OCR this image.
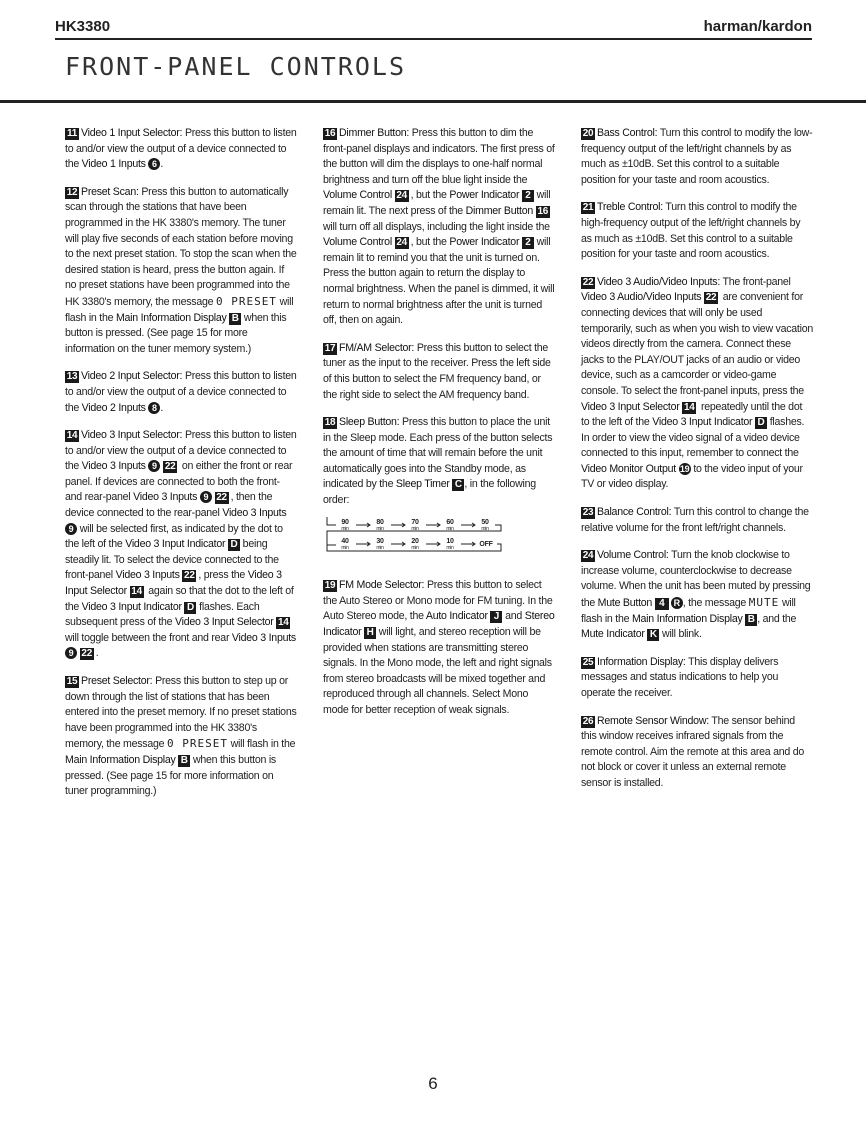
HK3380	harman/kardon
FRONT-PANEL CONTROLS

11 Video 1 Input Selector: Press this button to listen to and/or view the output of a device connected to the Video 1 Inputs 6 .

12 Preset Scan: Press this button to automatically scan through the stations that have been programmed in the HK 3380's memory. The tuner will play five seconds of each station before moving to the next preset station. To stop the scan when the desired station is heard, press the button again. If no preset stations have been programmed into the HK 3380's memory, the message 0 PRESET will flash in the Main Information Display B when this button is pressed. (See page 15 for more information on the tuner memory system.)

13 Video 2 Input Selector: Press this button to listen to and/or view the output of a device connected to the Video 2 Inputs 8 .

14 Video 3 Input Selector: Press this button to listen to and/or view the output of a device connected to the Video 3 Inputs 9 22 on either the front or rear panel. If devices are connected to both the front- and rear-panel Video 3 Inputs 9 22 , then the device connected to the rear-panel Video 3 Inputs 9 will be selected first, as indicated by the dot to the left of the Video 3 Input Indicator D being steadily lit. To select the device connected to the front-panel Video 3 Inputs 22 , press the Video 3 Input Selector 14 again so that the dot to the left of the Video 3 Input Indicator D flashes. Each subsequent press of the Video 3 Input Selector 14 will toggle between the front and rear Video 3 Inputs 9 22 .

15 Preset Selector: Press this button to step up or down through the list of stations that has been entered into the preset memory. If no preset stations have been programmed into the HK 3380's memory, the message 0 PRESET will flash in the Main Information Display B when this button is pressed. (See page 15 for more information on tuner programming.)

16 Dimmer Button: Press this button to dim the front-panel displays and indicators. The first press of the button will dim the displays to one-half normal brightness and turn off the blue light inside the Volume Control 24 , but the Power Indicator 2 will remain lit. The next press of the Dimmer Button 16 will turn off all displays, including the light inside the Volume Control 24 , but the Power Indicator 2 will remain lit to remind you that the unit is turned on. Press the button again to return the display to normal brightness. When the panel is dimmed, it will return to normal brightness after the unit is turned off, then on again.

17 FM/AM Selector: Press this button to select the tuner as the input to the receiver. Press the left side of this button to select the FM frequency band, or the right side to select the AM frequency band.

18 Sleep Button: Press this button to place the unit in the Sleep mode. Each press of the button selects the amount of time that will remain before the unit automatically goes into the Standby mode, as indicated by the Sleep Timer C , in the following order:

90
min
80
min
70
min
60
min
50
min
40
min
30
min
20
min
10
min	OFF

19 FM Mode Selector: Press this button to select the Auto Stereo or Mono mode for FM tuning. In the Auto Stereo mode, the Auto Indicator J and Stereo Indicator H will light, and stereo reception will be provided when stations are transmitting stereo signals. In the Mono mode, the left and right signals from stereo broadcasts will be mixed together and reproduced through all channels. Select Mono mode for better reception of weak signals.

20 Bass Control: Turn this control to modify the low-frequency output of the left/right channels by as much as ±10dB. Set this control to a suitable position for your taste and room acoustics.

21 Treble Control: Turn this control to modify the high-frequency output of the left/right channels by as much as ±10dB. Set this control to a suitable position for your taste and room acoustics.

22 Video 3 Audio/Video Inputs: The front-panel Video 3 Audio/Video Inputs 22 are convenient for connecting devices that will only be used temporarily, such as when you wish to view vacation videos directly from the camera. Connect these jacks to the PLAY/OUT jacks of an audio or video device, such as a camcorder or video-game console. To select the front-panel inputs, press the Video 3 Input Selector 14 repeatedly until the dot to the left of the Video 3 Input Indicator D flashes. In order to view the video signal of a video device connected to this input, remember to connect the Video Monitor Output 19 to the video input of your TV or video display.

23 Balance Control: Turn this control to change the relative volume for the front left/right channels.

24 Volume Control: Turn the knob clockwise to increase volume, counterclockwise to decrease volume. When the unit has been muted by pressing the Mute Button 4 R , the message MUTE will flash in the Main Information Display B , and the Mute Indicator K will blink.

25 Information Display: This display delivers messages and status indications to help you operate the receiver.

26 Remote Sensor Window: The sensor behind this window receives infrared signals from the remote control. Aim the remote at this area and do not block or cover it unless an external remote sensor is installed.

6
